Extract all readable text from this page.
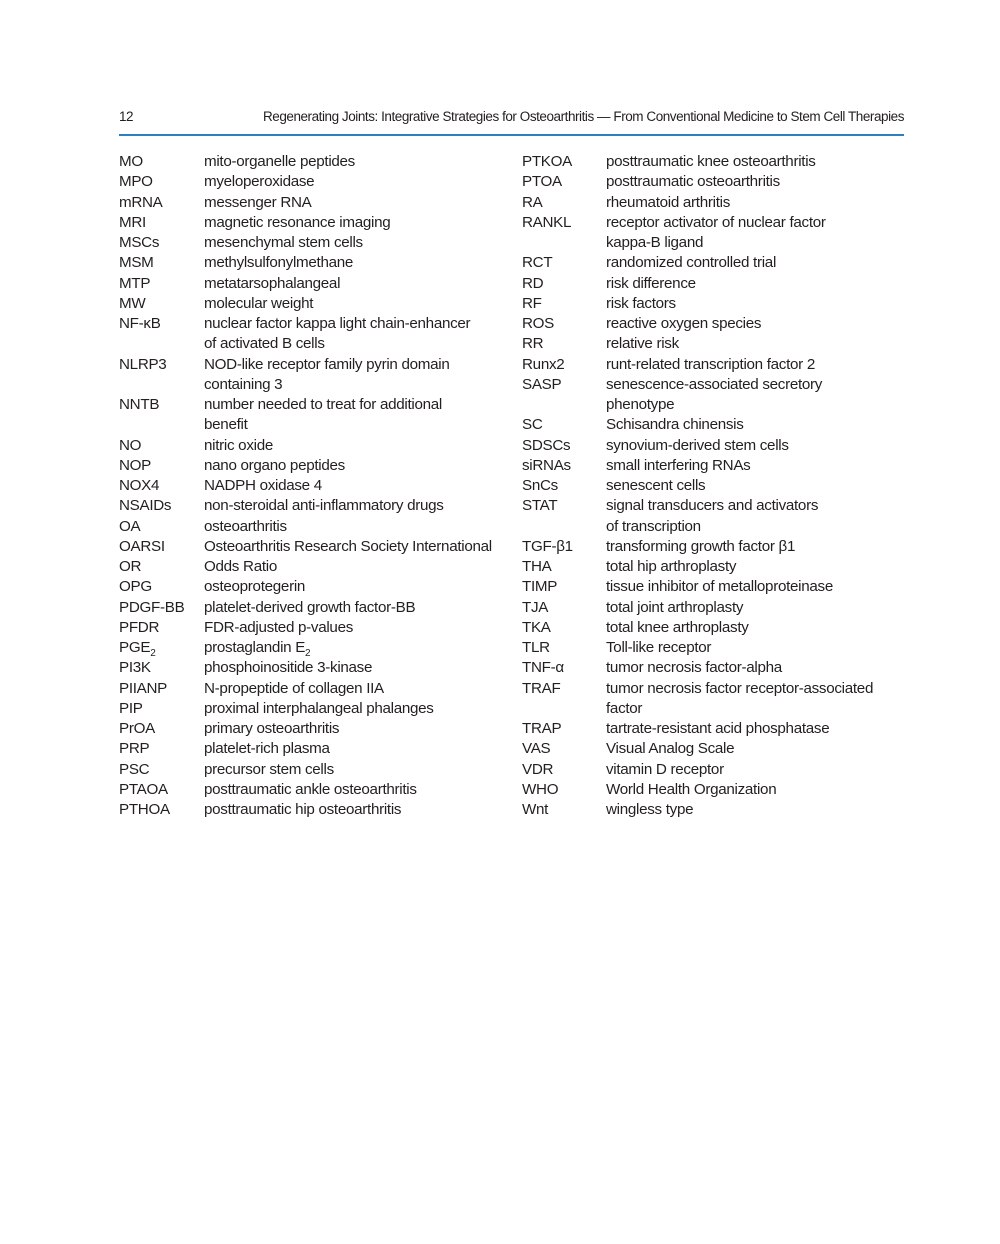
12	Regenerating Joints: Integrative Strategies for Osteoarthritis — From Conventional Medicine to Stem Cell Therapies
MO	mito-organelle peptides
MPO	myeloperoxidase
mRNA	messenger RNA
MRI	magnetic resonance imaging
MSCs	mesenchymal stem cells
MSM	methylsulfonylmethane
MTP	metatarsophalangeal
MW	molecular weight
NF-κB	nuclear factor kappa light chain-enhancer
of activated B cells
NLRP3	NOD-like receptor family pyrin domain
containing 3
NNTB	number needed to treat for additional
benefit
NO	nitric oxide
NOP	nano organo peptides
NOX4	NADPH oxidase 4
NSAIDs	non-steroidal anti-inflammatory drugs
OA	osteoarthritis
OARSI	Osteoarthritis Research Society International
OR	Odds Ratio
OPG	osteoprotegerin
PDGF-BB	platelet-derived growth factor-BB
PFDR	FDR-adjusted p-values
$PGE_2$	prostaglandin $E_2$
PI3K	phosphoinositide 3-kinase
PIIANP	N-propeptide of collagen IIA
PIP	proximal interphalangeal phalanges
PrOA	primary osteoarthritis
PRP	platelet-rich plasma
PSC	precursor stem cells
PTAOA	posttraumatic ankle osteoarthritis
PTHOA	posttraumatic hip osteoarthritis
PTKOA	posttraumatic knee osteoarthritis
PTOA	posttraumatic osteoarthritis
RA	rheumatoid arthritis
RANKL	receptor activator of nuclear factor
kappa-B ligand
RCT	randomized controlled trial
RD	risk difference
RF	risk factors
ROS	reactive oxygen species
RR	relative risk
Runx2	runt-related transcription factor 2
SASP	senescence-associated secretory
phenotype
SC	Schisandra chinensis
SDSCs	synovium-derived stem cells
siRNAs	small interfering RNAs
SnCs	senescent cells
STAT	signal transducers and activators
of transcription
TGF-β1	transforming growth factor β1
THA	total hip arthroplasty
TIMP	tissue inhibitor of metalloproteinase
TJA	total joint arthroplasty
TKA	total knee arthroplasty
TLR	Toll-like receptor
TNF-α	tumor necrosis factor-alpha
TRAF	tumor necrosis factor receptor-associated
factor
TRAP	tartrate-resistant acid phosphatase
VAS	Visual Analog Scale
VDR	vitamin D receptor
WHO	World Health Organization
Wnt	wingless type
